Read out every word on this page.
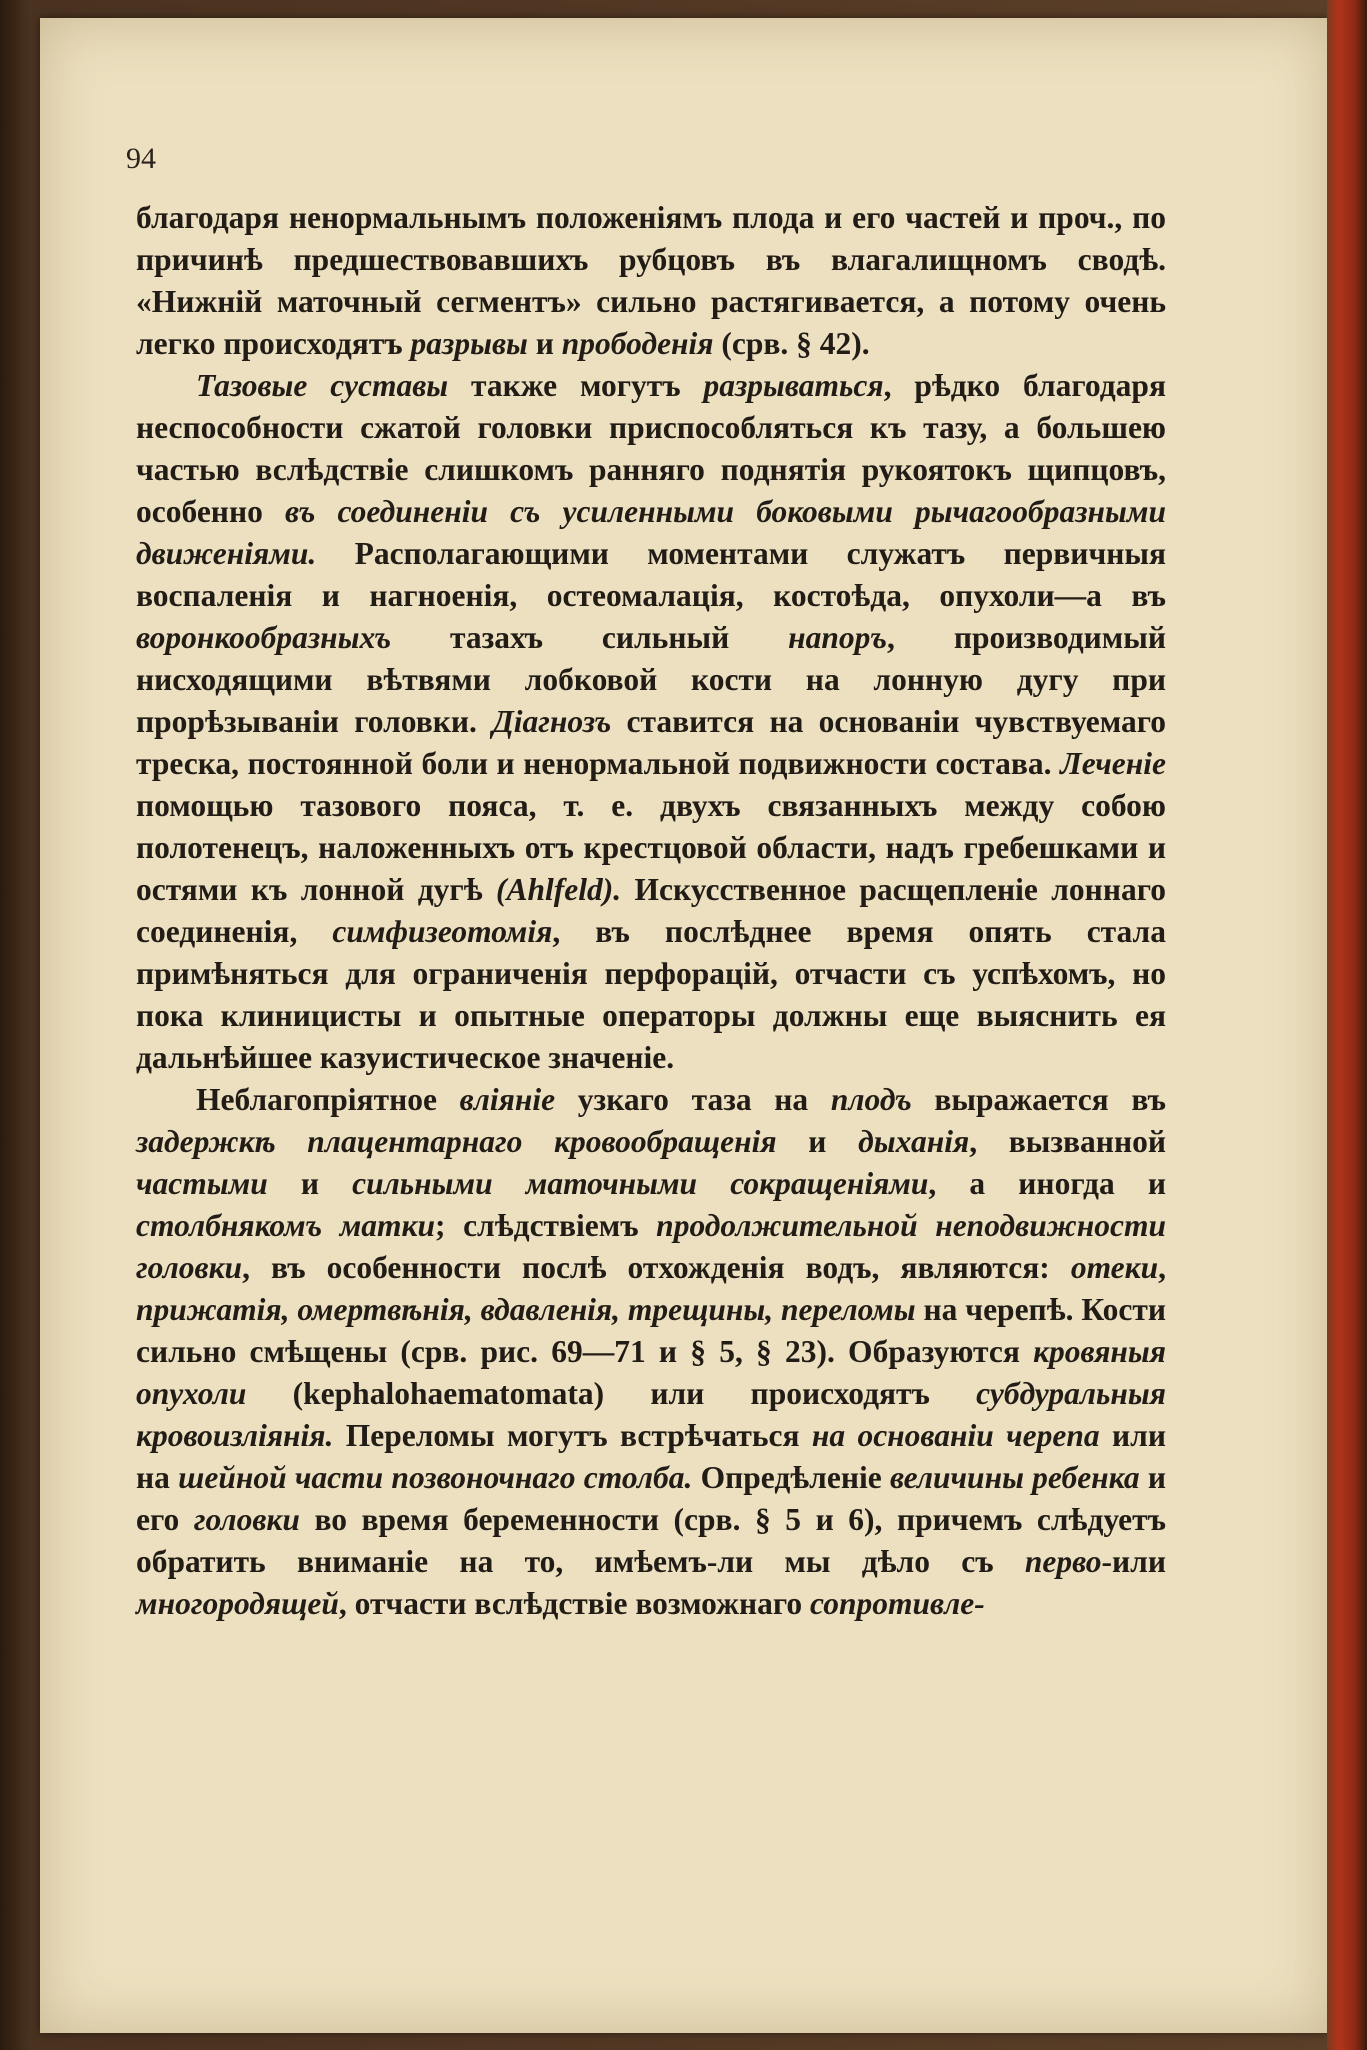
94

благодаря ненормальнымъ положеніямъ плода и его частей и проч., по причинѣ предшествовавшихъ рубцовъ въ влагалищномъ сводѣ. «Нижній маточный сегментъ» сильно растягивается, а потому очень легко происходятъ разрывы и прободенія (срв. § 42).

Тазовые суставы также могутъ разрываться, рѣдко благодаря неспособности сжатой головки приспособляться къ тазу, а большею частью вслѣдствіе слишкомъ ранняго поднятія рукоятокъ щипцовъ, особенно въ соединеніи съ усиленными боковыми рычагообразными движеніями. Располагающими моментами служатъ первичныя воспаленія и нагноенія, остеомалація, костоѣда, опухоли—а въ воронкообразныхъ тазахъ сильный напоръ, производимый нисходящими вѣтвями лобковой кости на лонную дугу при прорѣзываніи головки. Діагнозъ ставится на основаніи чувствуемаго треска, постоянной боли и ненормальной подвижности состава. Леченіе помощью тазового пояса, т. е. двухъ связанныхъ между собою полотенецъ, наложенныхъ отъ крестцовой области, надъ гребешками и остями къ лонной дугѣ (Ahlfeld). Искусственное расщепленіе лоннаго соединенія, симфизеотомія, въ послѣднее время опять стала примѣняться для ограниченія перфорацій, отчасти съ успѣхомъ, но пока клиницисты и опытные операторы должны еще выяснить ея дальнѣйшее казуистическое значеніе.

Неблагопріятное вліяніе узкаго таза на плодъ выражается въ задержкѣ плацентарнаго кровообращенія и дыханія, вызванной частыми и сильными маточными сокращеніями, а иногда и столбнякомъ матки; слѣдствіемъ продолжительной неподвижности головки, въ особенности послѣ отхожденія водъ, являются: отеки, прижатія, омертвѣнія, вдавленія, трещины, переломы на черепѣ. Кости сильно смѣщены (срв. рис. 69—71 и § 5, § 23). Образуются кровяныя опухоли (kephalohaematomata) или происходятъ субдуральныя кровоизліянія. Переломы могутъ встрѣчаться на основаніи черепа или на шейной части позвоночнаго столба. Опредѣленіе величины ребенка и его головки во время беременности (срв. § 5 и 6), причемъ слѣдуетъ обратить вниманіе на то, имѣемъ-ли мы дѣло съ перво-или многородящей, отчасти вслѣдствіе возможнаго сопротивле-
